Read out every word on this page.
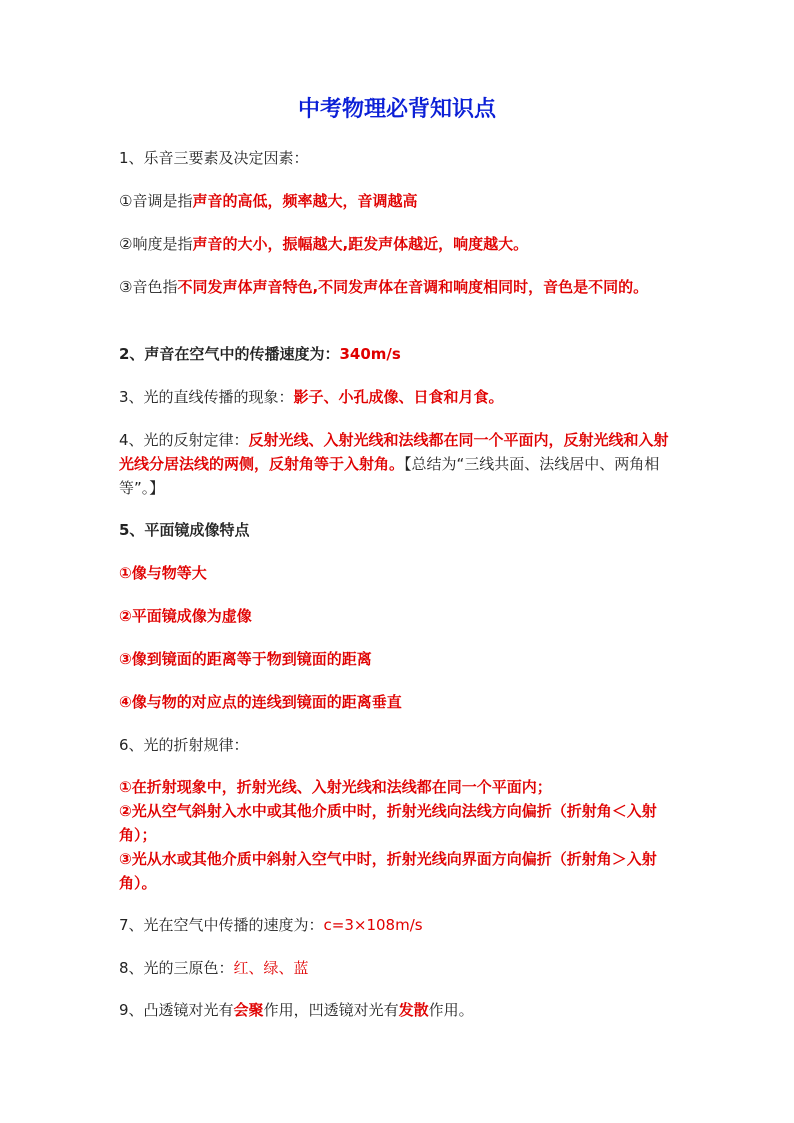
中考物理必背知识点

1、乐音三要素及决定因素：

①音调是指声音的高低，频率越大，音调越高

②响度是指声音的大小，振幅越大,距发声体越近，响度越大。

③音色指不同发声体声音特色,不同发声体在音调和响度相同时，音色是不同的。

2、声音在空气中的传播速度为：340m/s

3、光的直线传播的现象：影子、小孔成像、日食和月食。

4、光的反射定律：反射光线、入射光线和法线都在同一个平面内，反射光线和入射光线分居法线的两侧，反射角等于入射角。【总结为“三线共面、法线居中、两角相等”。】

5、平面镜成像特点

①像与物等大

②平面镜成像为虚像

③像到镜面的距离等于物到镜面的距离

④像与物的对应点的连线到镜面的距离垂直

6、光的折射规律：

①在折射现象中，折射光线、入射光线和法线都在同一个平面内；

②光从空气斜射入水中或其他介质中时，折射光线向法线方向偏折（折射角＜入射角）；

③光从水或其他介质中斜射入空气中时，折射光线向界面方向偏折（折射角＞入射角）。

7、光在空气中传播的速度为：c=3×108m/s

8、光的三原色：红、绿、蓝

9、凸透镜对光有会聚作用，凹透镜对光有发散作用。
